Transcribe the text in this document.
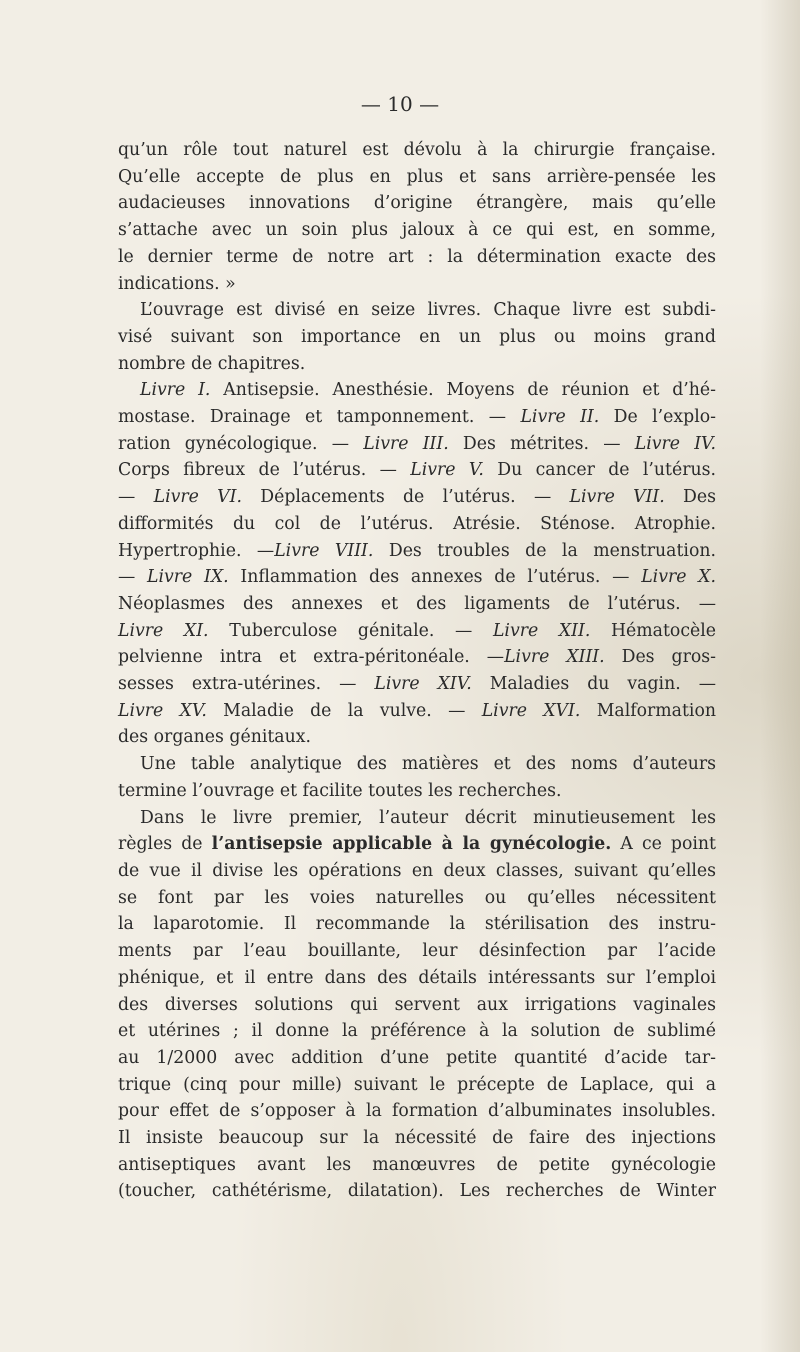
— 10 —
qu’un rôle tout naturel est dévolu à la chirurgie française.
Qu’elle accepte de plus en plus et sans arrière-pensée les
audacieuses innovations d’origine étrangère, mais qu’elle
s’attache avec un soin plus jaloux à ce qui est, en somme,
le dernier terme de notre art : la détermination exacte des
indications. »
L’ouvrage est divisé en seize livres. Chaque livre est subdi-
visé suivant son importance en un plus ou moins grand
nombre de chapitres.
Livre I. Antisepsie. Anesthésie. Moyens de réunion et d’hé-
mostase. Drainage et tamponnement. — Livre II. De l’explo-
ration gynécologique. — Livre III. Des métrites. — Livre IV.
Corps fibreux de l’utérus. — Livre V. Du cancer de l’utérus.
— Livre VI. Déplacements de l’utérus. — Livre VII. Des
difformités du col de l’utérus. Atrésie. Sténose. Atrophie.
Hypertrophie. —Livre VIII. Des troubles de la menstruation.
— Livre IX. Inflammation des annexes de l’utérus. — Livre X.
Néoplasmes des annexes et des ligaments de l’utérus. —
Livre XI. Tuberculose génitale. — Livre XII. Hématocèle
pelvienne intra et extra-péritonéale. —Livre XIII. Des gros-
sesses extra-utérines. — Livre XIV. Maladies du vagin. —
Livre XV. Maladie de la vulve. — Livre XVI. Malformation
des organes génitaux.
Une table analytique des matières et des noms d’auteurs
termine l’ouvrage et facilite toutes les recherches.
Dans le livre premier, l’auteur décrit minutieusement les
règles de l’antisepsie applicable à la gynécologie. A ce point
de vue il divise les opérations en deux classes, suivant qu’elles
se font par les voies naturelles ou qu’elles nécessitent
la laparotomie. Il recommande la stérilisation des instru-
ments par l’eau bouillante, leur désinfection par l’acide
phénique, et il entre dans des détails intéressants sur l’emploi
des diverses solutions qui servent aux irrigations vaginales
et utérines ; il donne la préférence à la solution de sublimé
au 1/2000 avec addition d’une petite quantité d’acide tar-
trique (cinq pour mille) suivant le précepte de Laplace, qui a
pour effet de s’opposer à la formation d’albuminates insolubles.
Il insiste beaucoup sur la nécessité de faire des injections
antiseptiques avant les manœuvres de petite gynécologie
(toucher, cathétérisme, dilatation). Les recherches de Winter
